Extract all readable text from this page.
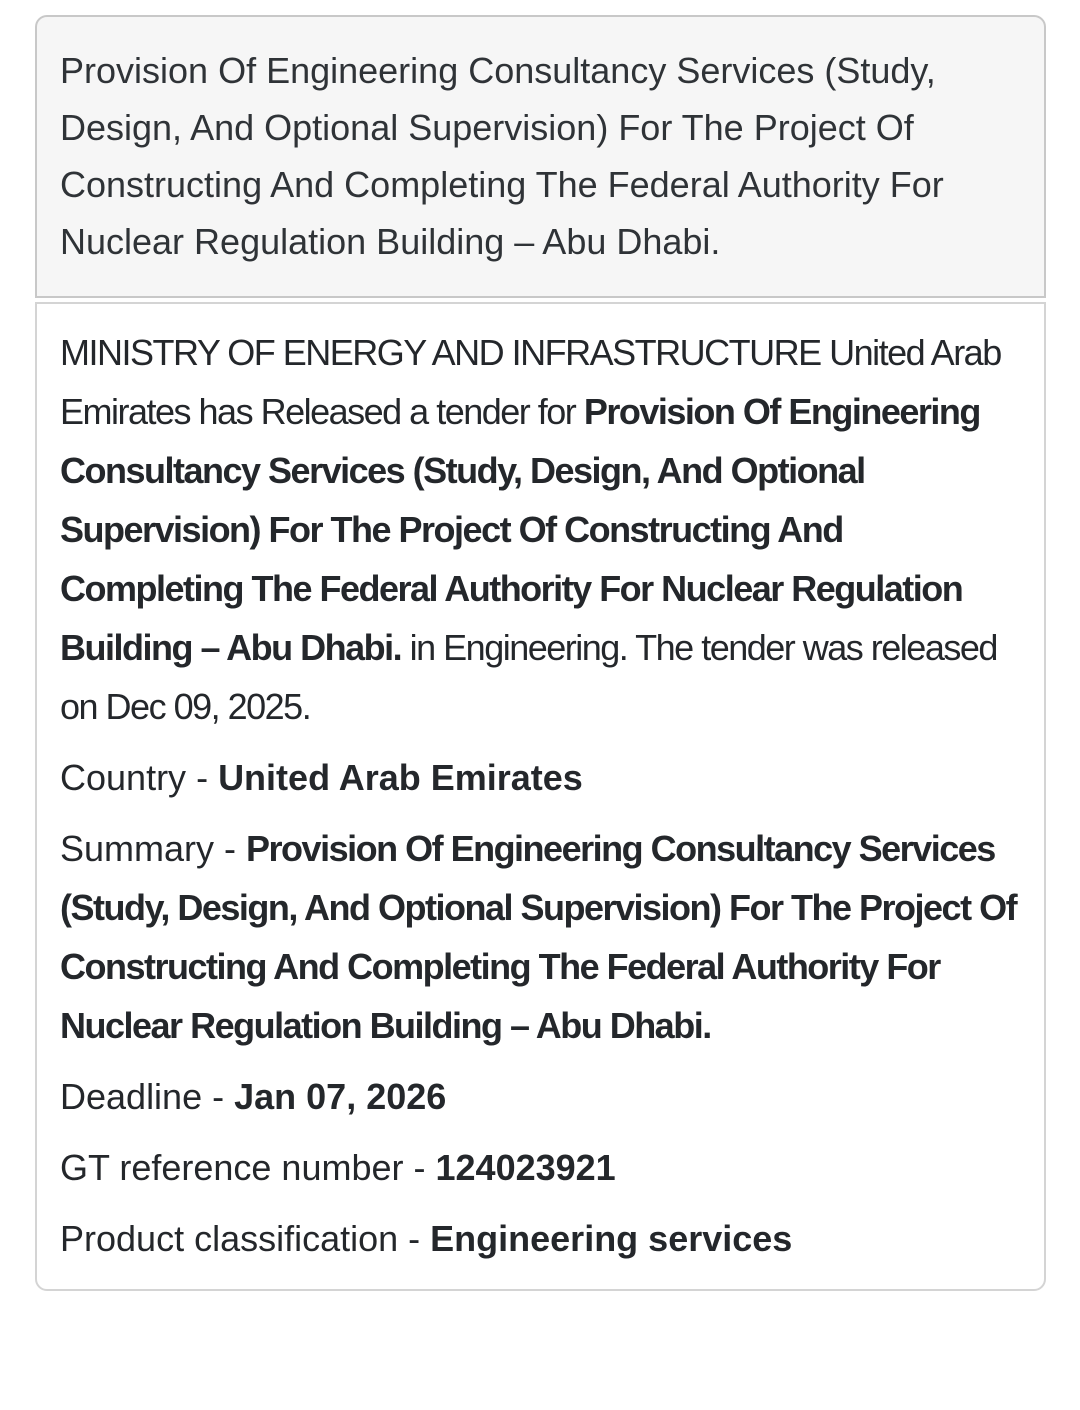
Provision Of Engineering Consultancy Services (Study, Design, And Optional Supervision) For The Project Of Constructing And Completing The Federal Authority For Nuclear Regulation Building – Abu Dhabi.

MINISTRY OF ENERGY AND INFRASTRUCTURE United Arab Emirates has Released a tender for Provision Of Engineering Consultancy Services (Study, Design, And Optional Supervision) For The Project Of Constructing And Completing The Federal Authority For Nuclear Regulation Building – Abu Dhabi. in Engineering. The tender was released on Dec 09, 2025.

Country - United Arab Emirates

Summary - Provision Of Engineering Consultancy Services (Study, Design, And Optional Supervision) For The Project Of Constructing And Completing The Federal Authority For Nuclear Regulation Building – Abu Dhabi.

Deadline - Jan 07, 2026

GT reference number - 124023921

Product classification - Engineering services
